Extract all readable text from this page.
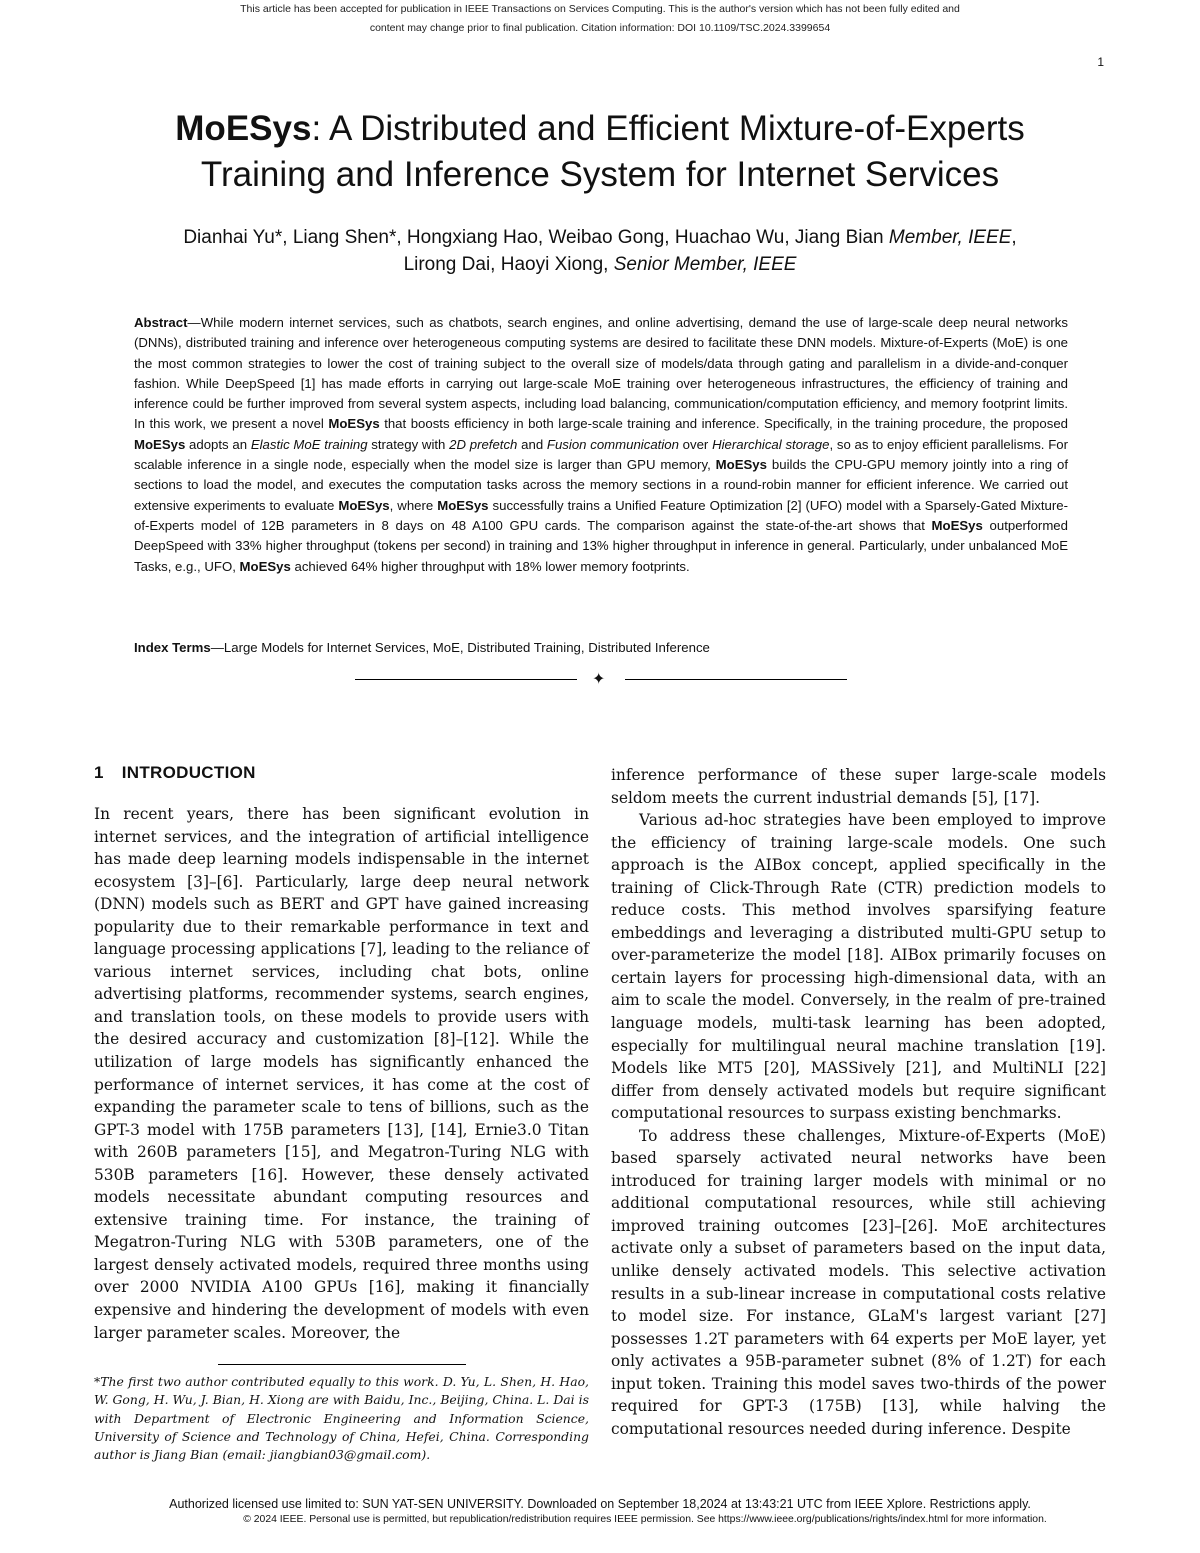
This article has been accepted for publication in IEEE Transactions on Services Computing. This is the author's version which has not been fully edited and
content may change prior to final publication. Citation information: DOI 10.1109/TSC.2024.3399654
1
MoESys: A Distributed and Efficient Mixture-of-Experts
Training and Inference System for Internet Services
Dianhai Yu*, Liang Shen*, Hongxiang Hao, Weibao Gong, Huachao Wu, Jiang Bian Member, IEEE,
Lirong Dai, Haoyi Xiong, Senior Member, IEEE

Abstract—While modern internet services, such as chatbots, search engines, and online advertising, demand the use of large-scale deep neural networks (DNNs), distributed training and inference over heterogeneous computing systems are desired to facilitate these DNN models. Mixture-of-Experts (MoE) is one the most common strategies to lower the cost of training subject to the overall size of models/data through gating and parallelism in a divide-and-conquer fashion. While DeepSpeed [1] has made efforts in carrying out large-scale MoE training over heterogeneous infrastructures, the efficiency of training and inference could be further improved from several system aspects, including load balancing, communication/computation efficiency, and memory footprint limits. In this work, we present a novel MoESys that boosts efficiency in both large-scale training and inference. Specifically, in the training procedure, the proposed MoESys adopts an Elastic MoE training strategy with 2D prefetch and Fusion communication over Hierarchical storage, so as to enjoy efficient parallelisms. For scalable inference in a single node, especially when the model size is larger than GPU memory, MoESys builds the CPU-GPU memory jointly into a ring of sections to load the model, and executes the computation tasks across the memory sections in a round-robin manner for efficient inference. We carried out extensive experiments to evaluate MoESys, where MoESys successfully trains a Unified Feature Optimization [2] (UFO) model with a Sparsely-Gated Mixture-of-Experts model of 12B parameters in 8 days on 48 A100 GPU cards. The comparison against the state-of-the-art shows that MoESys outperformed DeepSpeed with 33% higher throughput (tokens per second) in training and 13% higher throughput in inference in general. Particularly, under unbalanced MoE Tasks, e.g., UFO, MoESys achieved 64% higher throughput with 18% lower memory footprints.

Index Terms—Large Models for Internet Services, MoE, Distributed Training, Distributed Inference

✦
1 INTRODUCTION

In recent years, there has been significant evolution in internet services, and the integration of artificial intelligence has made deep learning models indispensable in the internet ecosystem [3]–[6]. Particularly, large deep neural network (DNN) models such as BERT and GPT have gained increasing popularity due to their remarkable performance in text and language processing applications [7], leading to the reliance of various internet services, including chat bots, online advertising platforms, recommender systems, search engines, and translation tools, on these models to provide users with the desired accuracy and customization [8]–[12]. While the utilization of large models has significantly enhanced the performance of internet services, it has come at the cost of expanding the parameter scale to tens of billions, such as the GPT-3 model with 175B parameters [13], [14], Ernie3.0 Titan with 260B parameters [15], and Megatron-Turing NLG with 530B parameters [16]. However, these densely activated models necessitate abundant computing resources and extensive training time. For instance, the training of Megatron-Turing NLG with 530B parameters, one of the largest densely activated models, required three months using over 2000 NVIDIA A100 GPUs [16], making it financially expensive and hindering the development of models with even larger parameter scales. Moreover, the

inference performance of these super large-scale models seldom meets the current industrial demands [5], [17].

Various ad-hoc strategies have been employed to improve the efficiency of training large-scale models. One such approach is the AIBox concept, applied specifically in the training of Click-Through Rate (CTR) prediction models to reduce costs. This method involves sparsifying feature embeddings and leveraging a distributed multi-GPU setup to over-parameterize the model [18]. AIBox primarily focuses on certain layers for processing high-dimensional data, with an aim to scale the model. Conversely, in the realm of pre-trained language models, multi-task learning has been adopted, especially for multilingual neural machine translation [19]. Models like MT5 [20], MASSively [21], and MultiNLI [22] differ from densely activated models but require significant computational resources to surpass existing benchmarks.

To address these challenges, Mixture-of-Experts (MoE) based sparsely activated neural networks have been introduced for training larger models with minimal or no additional computational resources, while still achieving improved training outcomes [23]–[26]. MoE architectures activate only a subset of parameters based on the input data, unlike densely activated models. This selective activation results in a sub-linear increase in computational costs relative to model size. For instance, GLaM's largest variant [27] possesses 1.2T parameters with 64 experts per MoE layer, yet only activates a 95B-parameter subnet (8% of 1.2T) for each input token. Training this model saves two-thirds of the power required for GPT-3 (175B) [13], while halving the computational resources needed during inference. Despite

*The first two author contributed equally to this work. D. Yu, L. Shen, H. Hao, W. Gong, H. Wu, J. Bian, H. Xiong are with Baidu, Inc., Beijing, China. L. Dai is with Department of Electronic Engineering and Information Science, University of Science and Technology of China, Hefei, China. Corresponding author is Jiang Bian (email: jiangbian03@gmail.com).

Authorized licensed use limited to: SUN YAT-SEN UNIVERSITY. Downloaded on September 18,2024 at 13:43:21 UTC from IEEE Xplore. Restrictions apply.
© 2024 IEEE. Personal use is permitted, but republication/redistribution requires IEEE permission. See https://www.ieee.org/publications/rights/index.html for more information.
